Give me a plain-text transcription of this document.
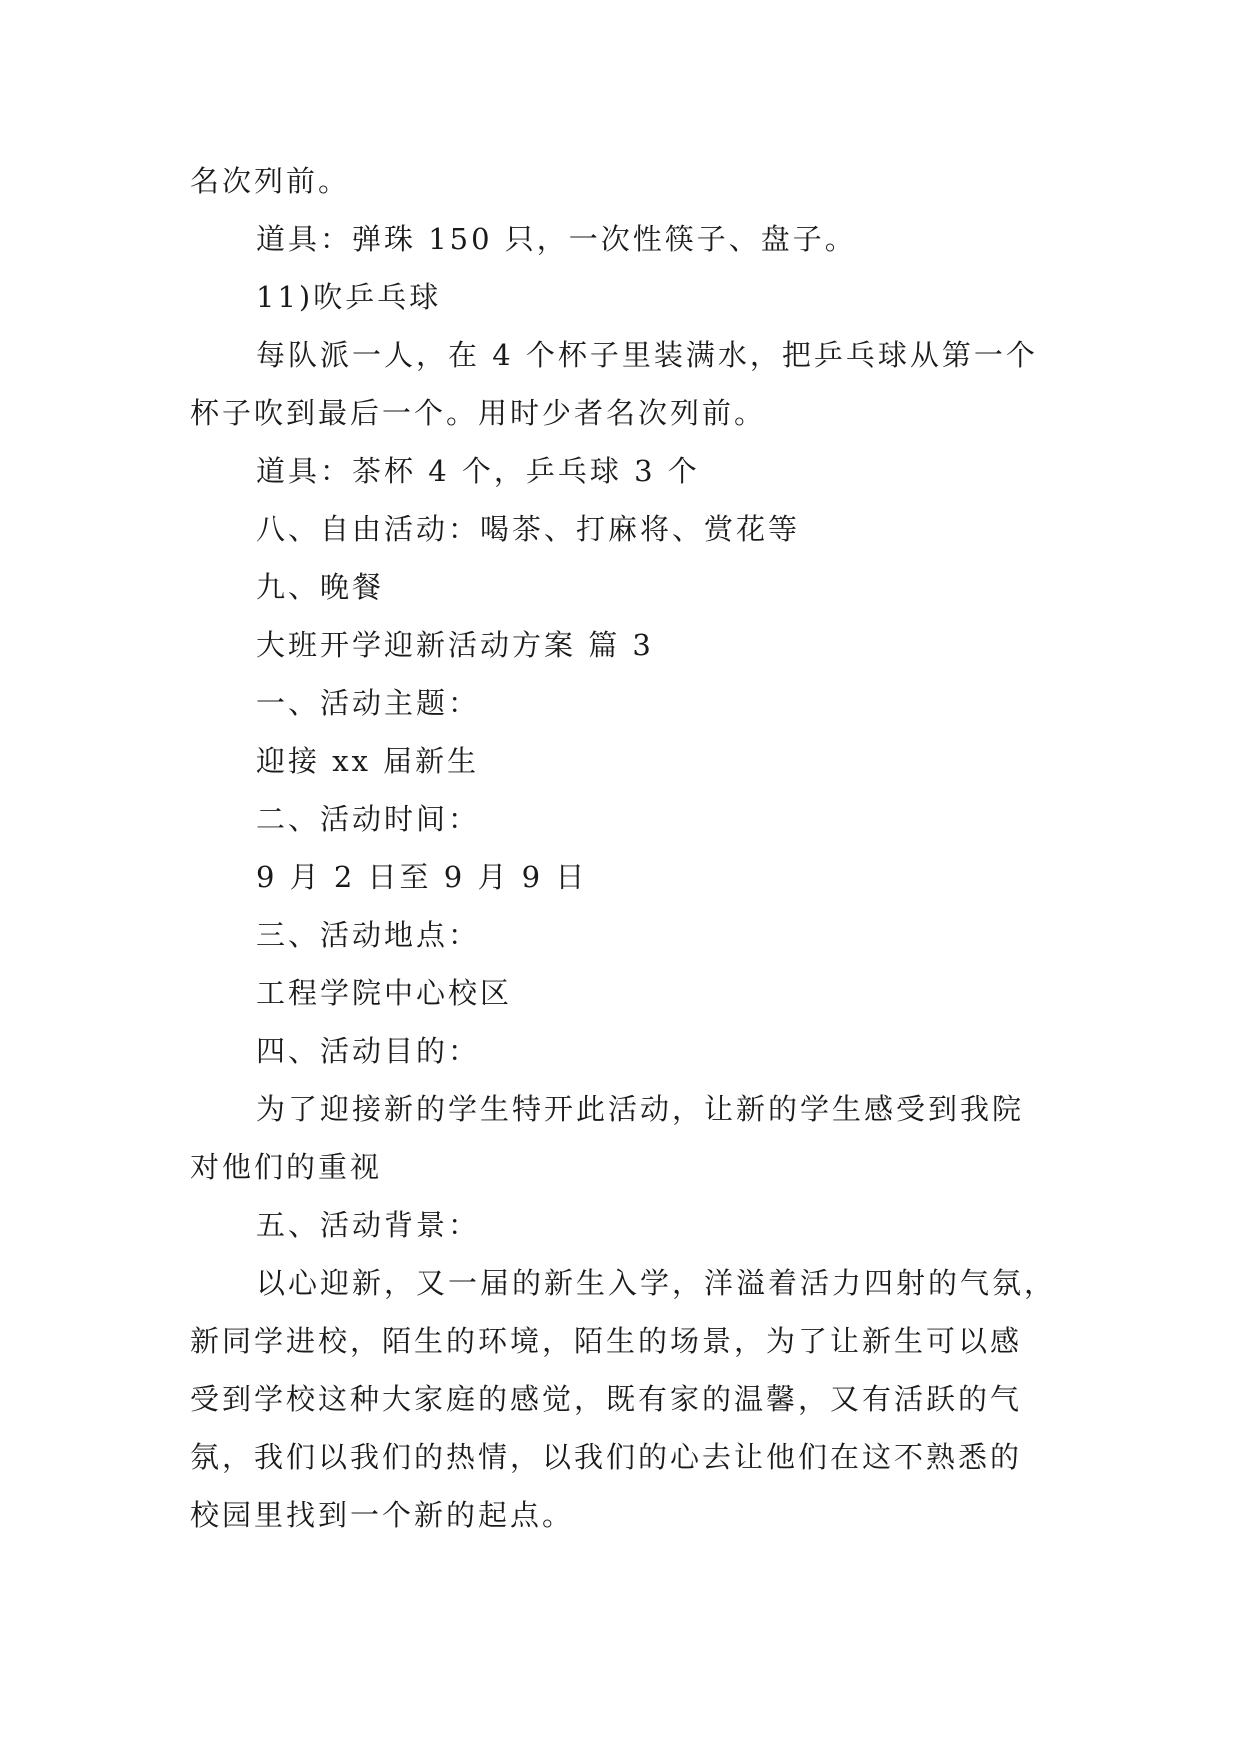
名次列前。
道具：弹珠 150 只，一次性筷子、盘子。
11)吹乒乓球
每队派一人，在 4 个杯子里装满水，把乒乓球从第一个
杯子吹到最后一个。用时少者名次列前。
道具：茶杯 4 个，乒乓球 3 个
八、自由活动：喝茶、打麻将、赏花等
九、晚餐
大班开学迎新活动方案 篇 3
一、活动主题：
迎接 xx 届新生
二、活动时间：
9 月 2 日至 9 月 9 日
三、活动地点：
工程学院中心校区
四、活动目的：
为了迎接新的学生特开此活动，让新的学生感受到我院
对他们的重视
五、活动背景：
以心迎新，又一届的新生入学，洋溢着活力四射的气氛，
新同学进校，陌生的环境，陌生的场景，为了让新生可以感
受到学校这种大家庭的感觉，既有家的温馨，又有活跃的气
氛，我们以我们的热情，以我们的心去让他们在这不熟悉的
校园里找到一个新的起点。
